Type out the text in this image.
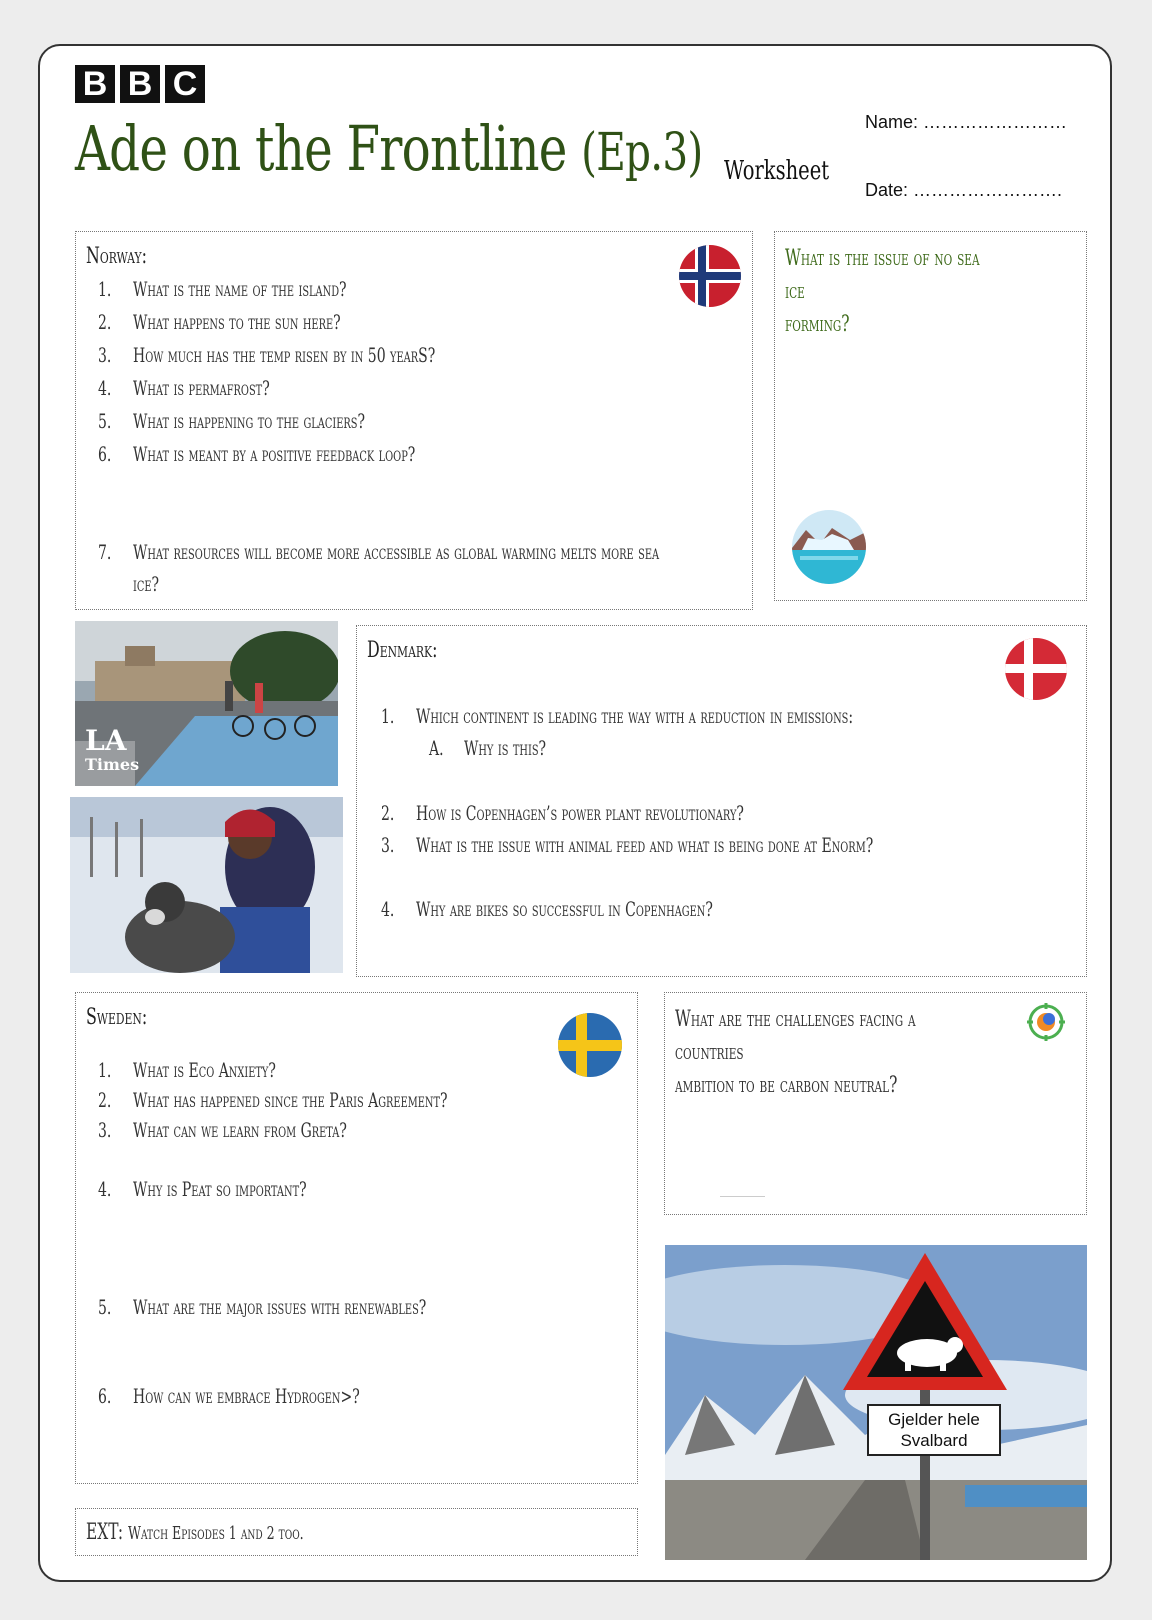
B B C
Ade on the Frontline (Ep.3) Worksheet
Name: ……………………
Date: …………………….
Norway:
1. What is the name of the island?
2. What happens to the sun here?
3. How much has the temp risen by in 50 yearS?
4. What is permafrost?
5. What is happening to the glaciers?
6. What is meant by a positive feedback loop?
7. What resources will become more accessible as global warming melts more sea
ice?
What is the issue of no sea ice
forming?
LA
Times
Denmark:
1. Which continent is leading the way with a reduction in emissions:
A. Why is this?
2. How is Copenhagen’s power plant revolutionary?
3. What is the issue with animal feed and what is being done at Enorm?
4. Why are bikes so successful in Copenhagen?
Sweden:
1. What is Eco Anxiety?
2. What has happened since the Paris Agreement?
3. What can we learn from Greta?
4. Why is Peat so important?
5. What are the major issues with renewables?
6. How can we embrace Hydrogen>?
What are the challenges facing a countries
ambition to be carbon neutral?
Gjelder hele
Svalbard
EXT: Watch Episodes 1 and 2 too.
